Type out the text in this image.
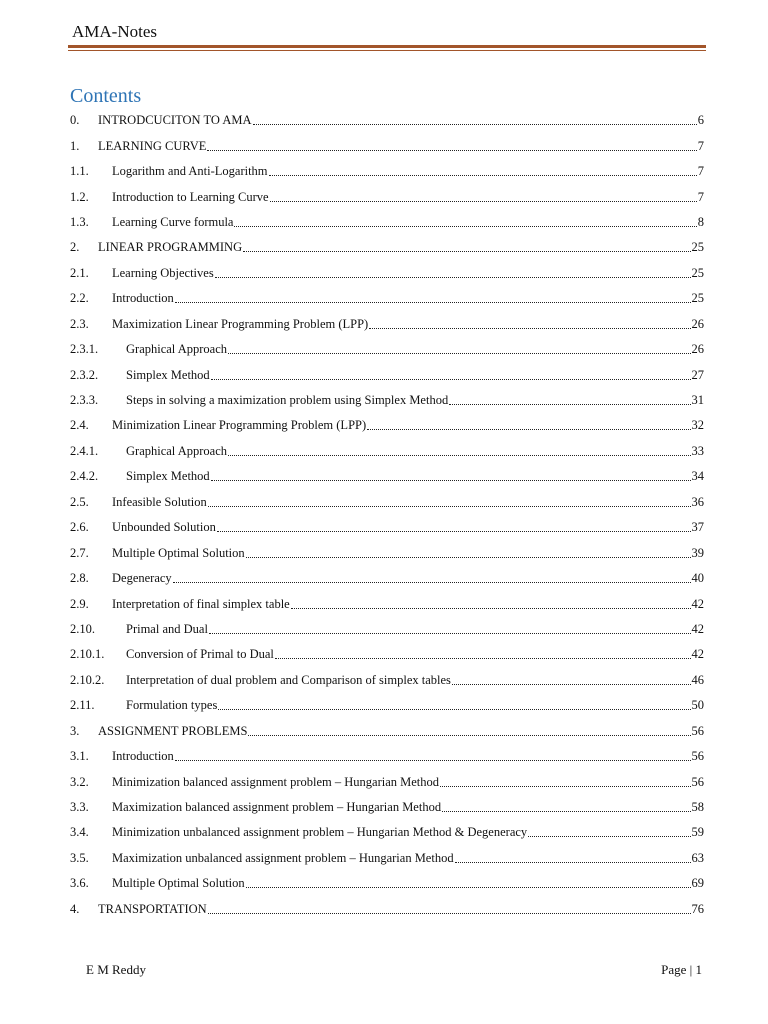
AMA-Notes
Contents
0.	INTRODCUCITON TO AMA	6
1.	LEARNING CURVE	7
1.1.	Logarithm and Anti-Logarithm	7
1.2.	Introduction to Learning Curve	7
1.3.	Learning Curve formula	8
2.	LINEAR PROGRAMMING	25
2.1.	Learning Objectives	25
2.2.	Introduction	25
2.3.	Maximization Linear Programming Problem (LPP)	26
2.3.1.	Graphical Approach	26
2.3.2.	Simplex Method	27
2.3.3.	Steps in solving a maximization problem using Simplex Method	31
2.4.	Minimization Linear Programming Problem (LPP)	32
2.4.1.	Graphical Approach	33
2.4.2.	Simplex Method	34
2.5.	Infeasible Solution	36
2.6.	Unbounded Solution	37
2.7.	Multiple Optimal Solution	39
2.8.	Degeneracy	40
2.9.	Interpretation of final simplex table	42
2.10.	Primal and Dual	42
2.10.1.	Conversion of Primal to Dual	42
2.10.2.	Interpretation of dual problem and Comparison of simplex tables	46
2.11.	Formulation types	50
3.	ASSIGNMENT PROBLEMS	56
3.1.	Introduction	56
3.2.	Minimization balanced assignment problem – Hungarian Method	56
3.3.	Maximization balanced assignment problem – Hungarian Method	58
3.4.	Minimization unbalanced assignment problem – Hungarian Method & Degeneracy	59
3.5.	Maximization unbalanced assignment problem – Hungarian Method	63
3.6.	Multiple Optimal Solution	69
4.	TRANSPORTATION	76
E M Reddy	Page | 1
